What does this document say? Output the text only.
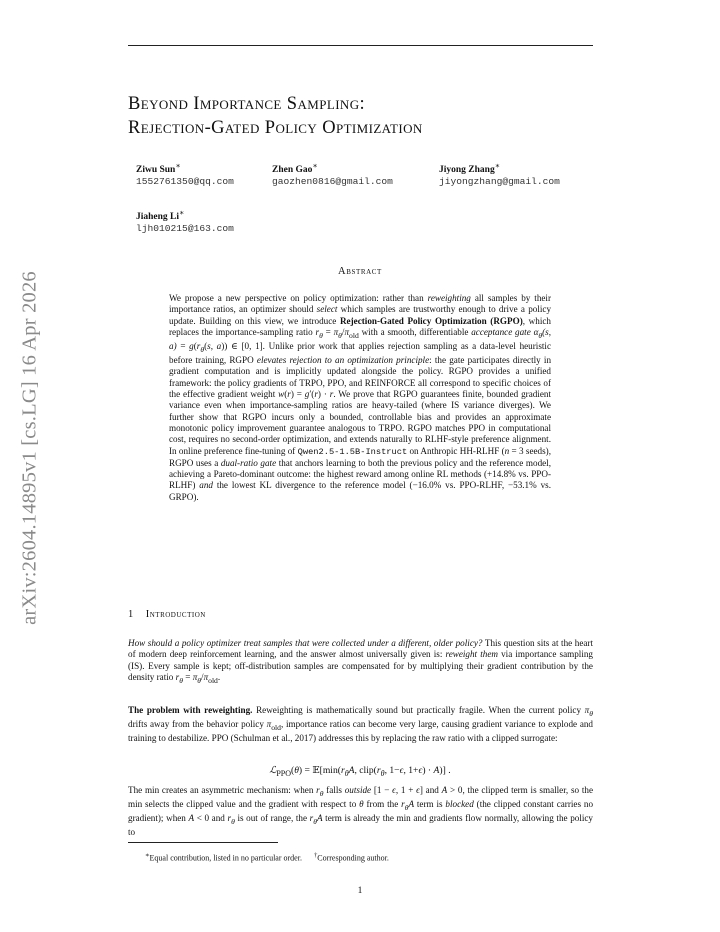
arXiv:2604.14895v1 [cs.LG] 16 Apr 2026
Beyond Importance Sampling:
Rejection-Gated Policy Optimization
Ziwu Sun∗
1552761350@qq.com
Zhen Gao∗
gaozhen0816@gmail.com
Jiyong Zhang∗
jiyongzhang@gmail.com
Jiaheng Li∗
ljh010215@163.com
Abstract

We propose a new perspective on policy optimization: rather than reweighting all samples by their importance ratios, an optimizer should select which samples are trustworthy enough to drive a policy update. Building on this view, we introduce Rejection-Gated Policy Optimization (RGPO), which replaces the importance-sampling ratio $r_\theta = \pi_\theta/\pi_{old}$ with a smooth, differentiable acceptance gate $\alpha_\theta(s$, $a) = g(r_\theta(s$, a)) ∈ [0, 1]. Unlike prior work that applies rejection sampling as a data-level heuristic before training, RGPO elevates rejection to an optimization principle: the gate participates directly in gradient computation and is implicitly updated alongside the policy. RGPO provides a unified framework: the policy gradients of TRPO, PPO, and REINFORCE all correspond to specific choices of the effective gradient weight w(r) = g′(r) · r. We prove that RGPO guarantees finite, bounded gradient variance even when importance-sampling ratios are heavy-tailed (where IS variance diverges). We further show that RGPO incurs only a bounded, controllable bias and provides an approximate monotonic policy improvement guarantee analogous to TRPO. RGPO matches PPO in computational cost, requires no second-order optimization, and extends naturally to RLHF-style preference alignment. In online preference fine-tuning of Qwen2.5-1.5B-Instruct on Anthropic HH-RLHF (n = 3 seeds), RGPO uses a dual-ratio gate that anchors learning to both the previous policy and the reference model, achieving a Pareto-dominant outcome: the highest reward among online RL methods (+14.8% vs. PPO-RLHF) and the lowest KL divergence to the reference model (−16.0% vs. PPO-RLHF, −53.1% vs. GRPO).

1 Introduction

How should a policy optimizer treat samples that were collected under a different, older policy? This question sits at the heart of modern deep reinforcement learning, and the answer almost universally given is: reweight them via importance sampling (IS). Every sample is kept; off-distribution samples are compensated for by multiplying their gradient contribution by the density ratio $r_\theta = \pi_\theta/\pi_{old}$.

The problem with reweighting. Reweighting is mathematically sound but practically fragile. When the current policy $\pi_\theta$ drifts away from the behavior policy $\pi_{old}$, importance ratios can become very large, causing gradient variance to explode and training to destabilize. PPO (Schulman et al., 2017) addresses this by replacing the raw ratio with a clipped surrogate:

ℒ$_{PPO}$(θ) = $𝔼[\min(r_\theta A$, $clip(r_\theta$, 1−ϵ, 1+ϵ) · A)] .

The min creates an asymmetric mechanism: when $r_\theta$ falls outside [1 − ϵ, 1 + ϵ] and A > 0, the clipped term is smaller, so the min selects the clipped value and the gradient with respect to θ from the $r_\theta A$ term is blocked (the clipped constant carries no gradient); when A < 0 and $r_\theta$ is out of range, the $r_\theta A$ term is already the min and gradients flow normally, allowing the policy to

∗Equal contribution, listed in no particular order. †Corresponding author.
1
